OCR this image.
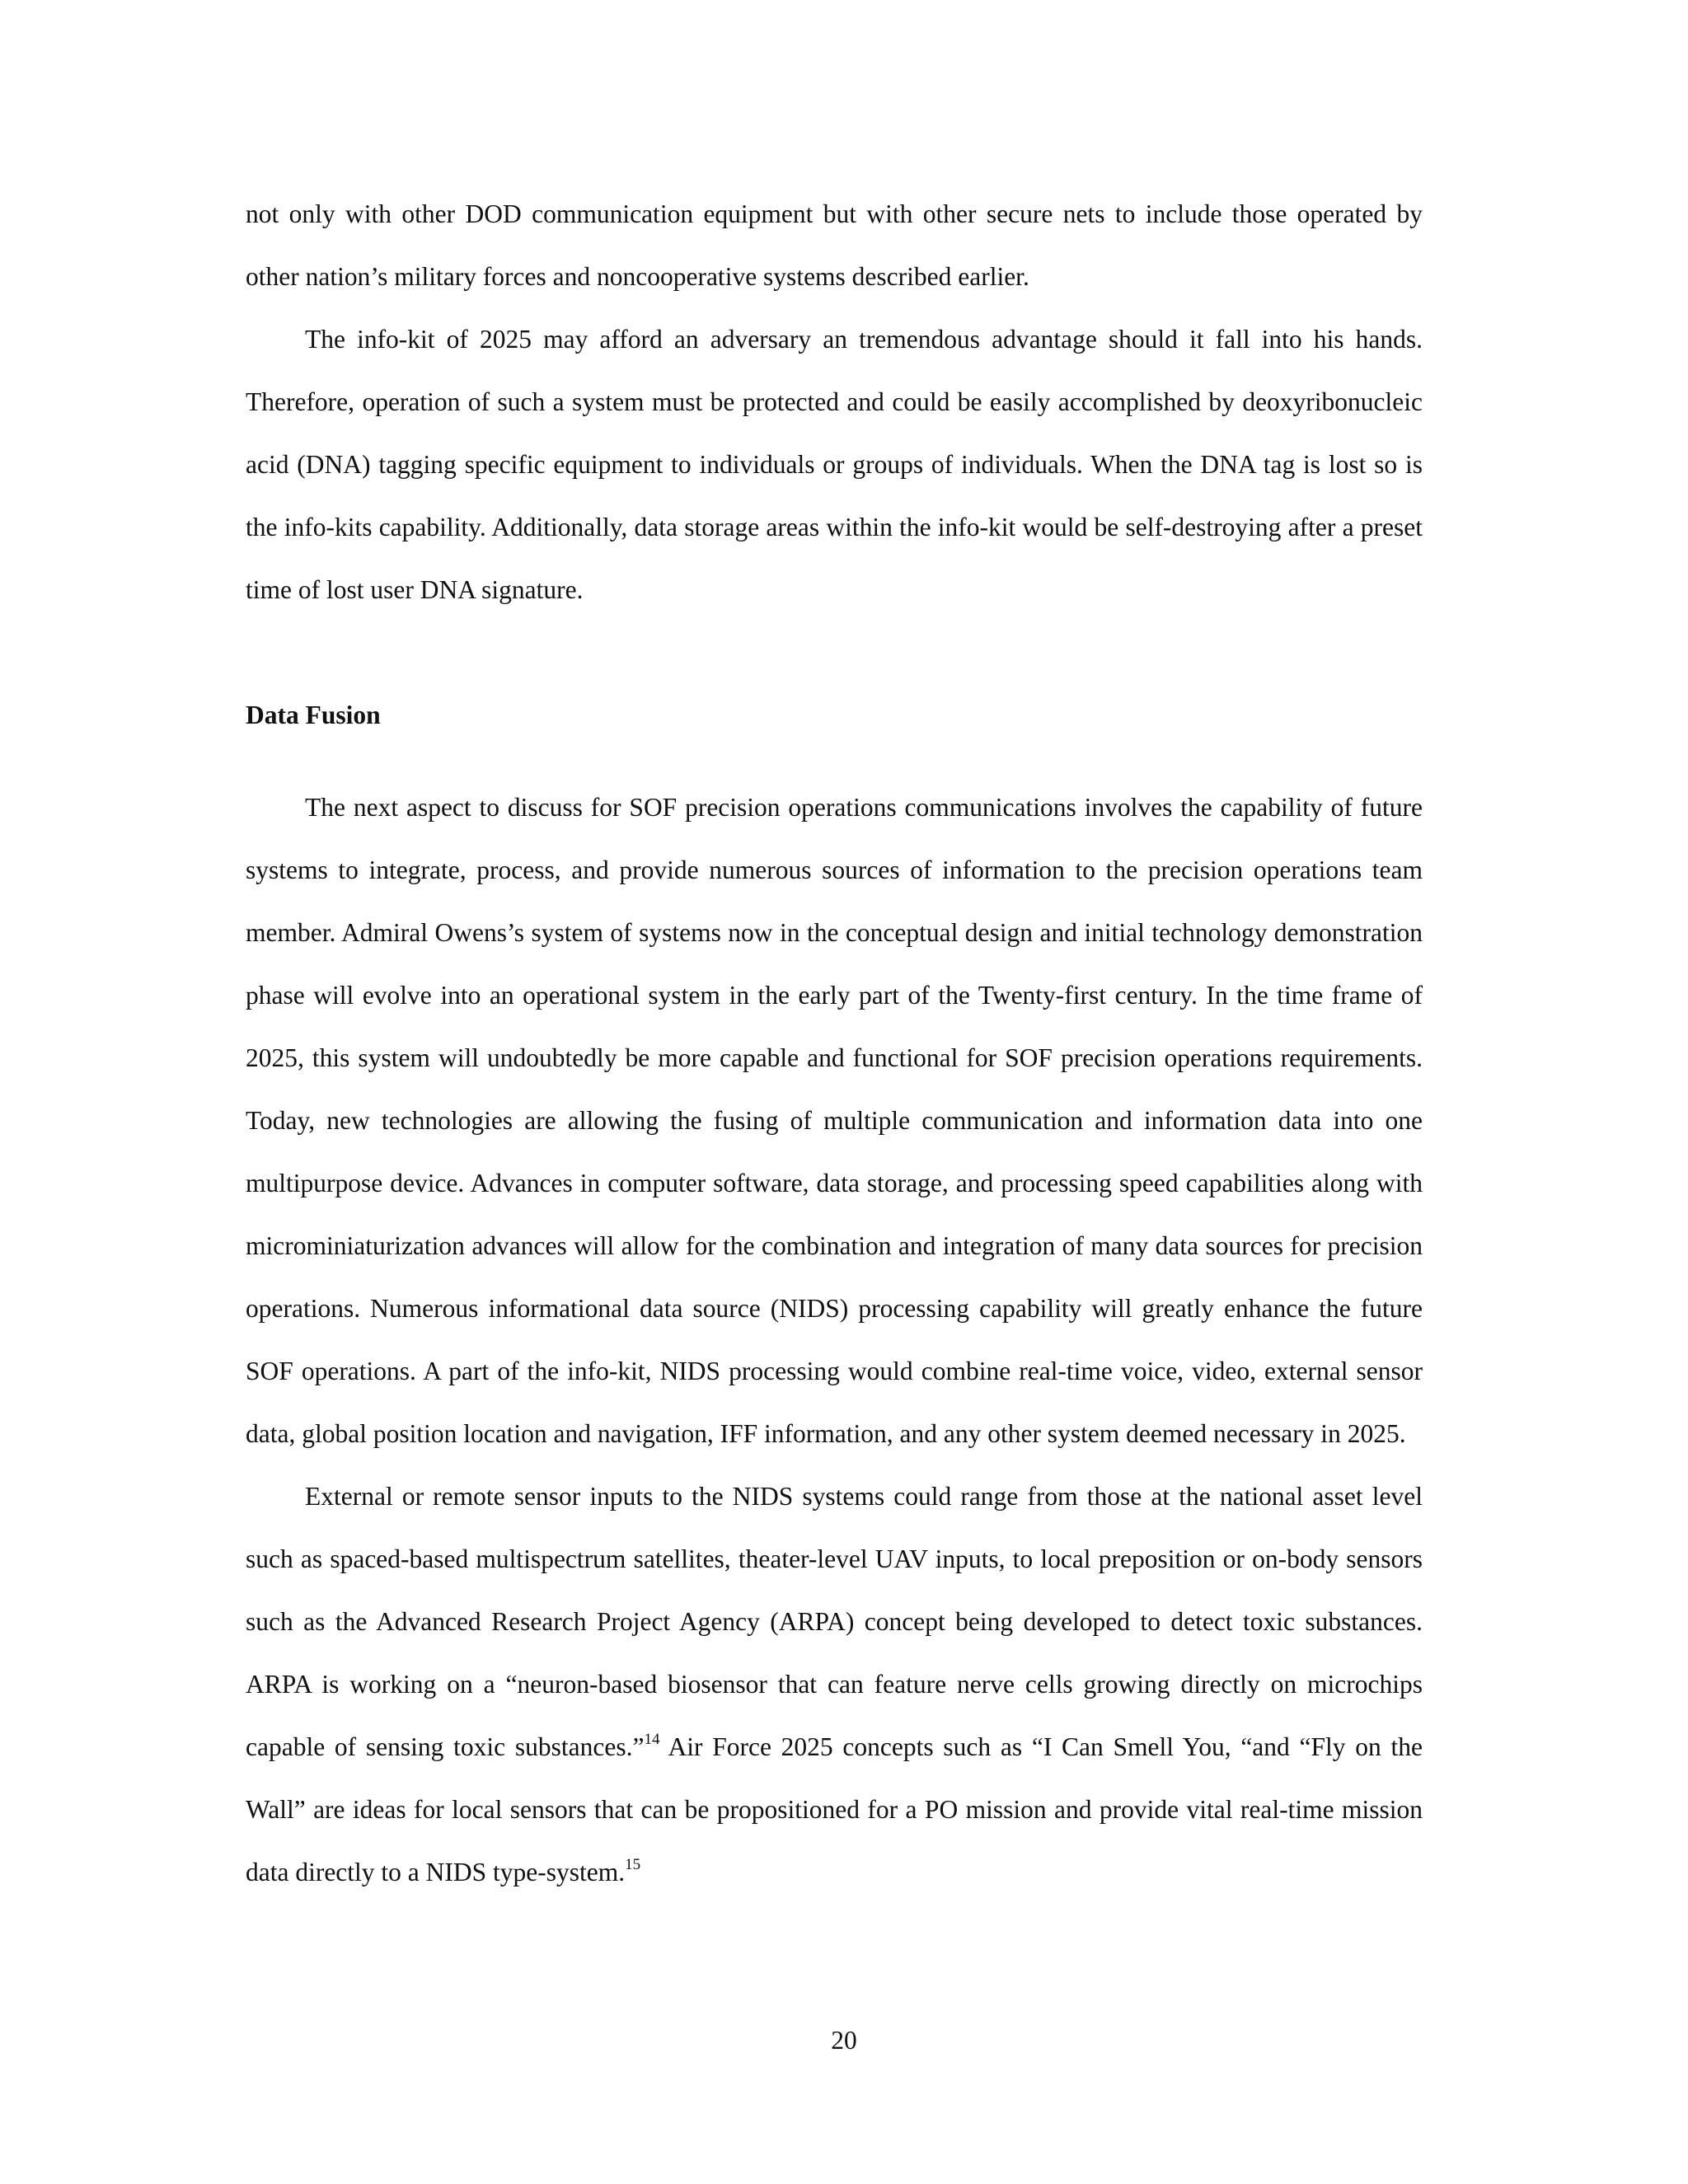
not only with other DOD communication equipment but with other secure nets to include those operated by other nation’s military forces and noncooperative systems described earlier.

The info-kit of 2025 may afford an adversary an tremendous advantage should it fall into his hands. Therefore, operation of such a system must be protected and could be easily accomplished by deoxyribonucleic acid (DNA) tagging specific equipment to individuals or groups of individuals. When the DNA tag is lost so is the info-kits capability. Additionally, data storage areas within the info-kit would be self-destroying after a preset time of lost user DNA signature.

Data Fusion

The next aspect to discuss for SOF precision operations communications involves the capability of future systems to integrate, process, and provide numerous sources of information to the precision operations team member. Admiral Owens’s system of systems now in the conceptual design and initial technology demonstration phase will evolve into an operational system in the early part of the Twenty-first century. In the time frame of 2025, this system will undoubtedly be more capable and functional for SOF precision operations requirements. Today, new technologies are allowing the fusing of multiple communication and information data into one multipurpose device. Advances in computer software, data storage, and processing speed capabilities along with microminiaturization advances will allow for the combination and integration of many data sources for precision operations. Numerous informational data source (NIDS) processing capability will greatly enhance the future SOF operations. A part of the info-kit, NIDS processing would combine real-time voice, video, external sensor data, global position location and navigation, IFF information, and any other system deemed necessary in 2025.

External or remote sensor inputs to the NIDS systems could range from those at the national asset level such as spaced-based multispectrum satellites, theater-level UAV inputs, to local preposition or on-body sensors such as the Advanced Research Project Agency (ARPA) concept being developed to detect toxic substances. ARPA is working on a “neuron-based biosensor that can feature nerve cells growing directly on microchips capable of sensing toxic substances.”$^{14}$ Air Force 2025 concepts such as “I Can Smell You, “and “Fly on the Wall” are ideas for local sensors that can be propositioned for a PO mission and provide vital real-time mission data directly to a NIDS type-system.$^{15}$

20
